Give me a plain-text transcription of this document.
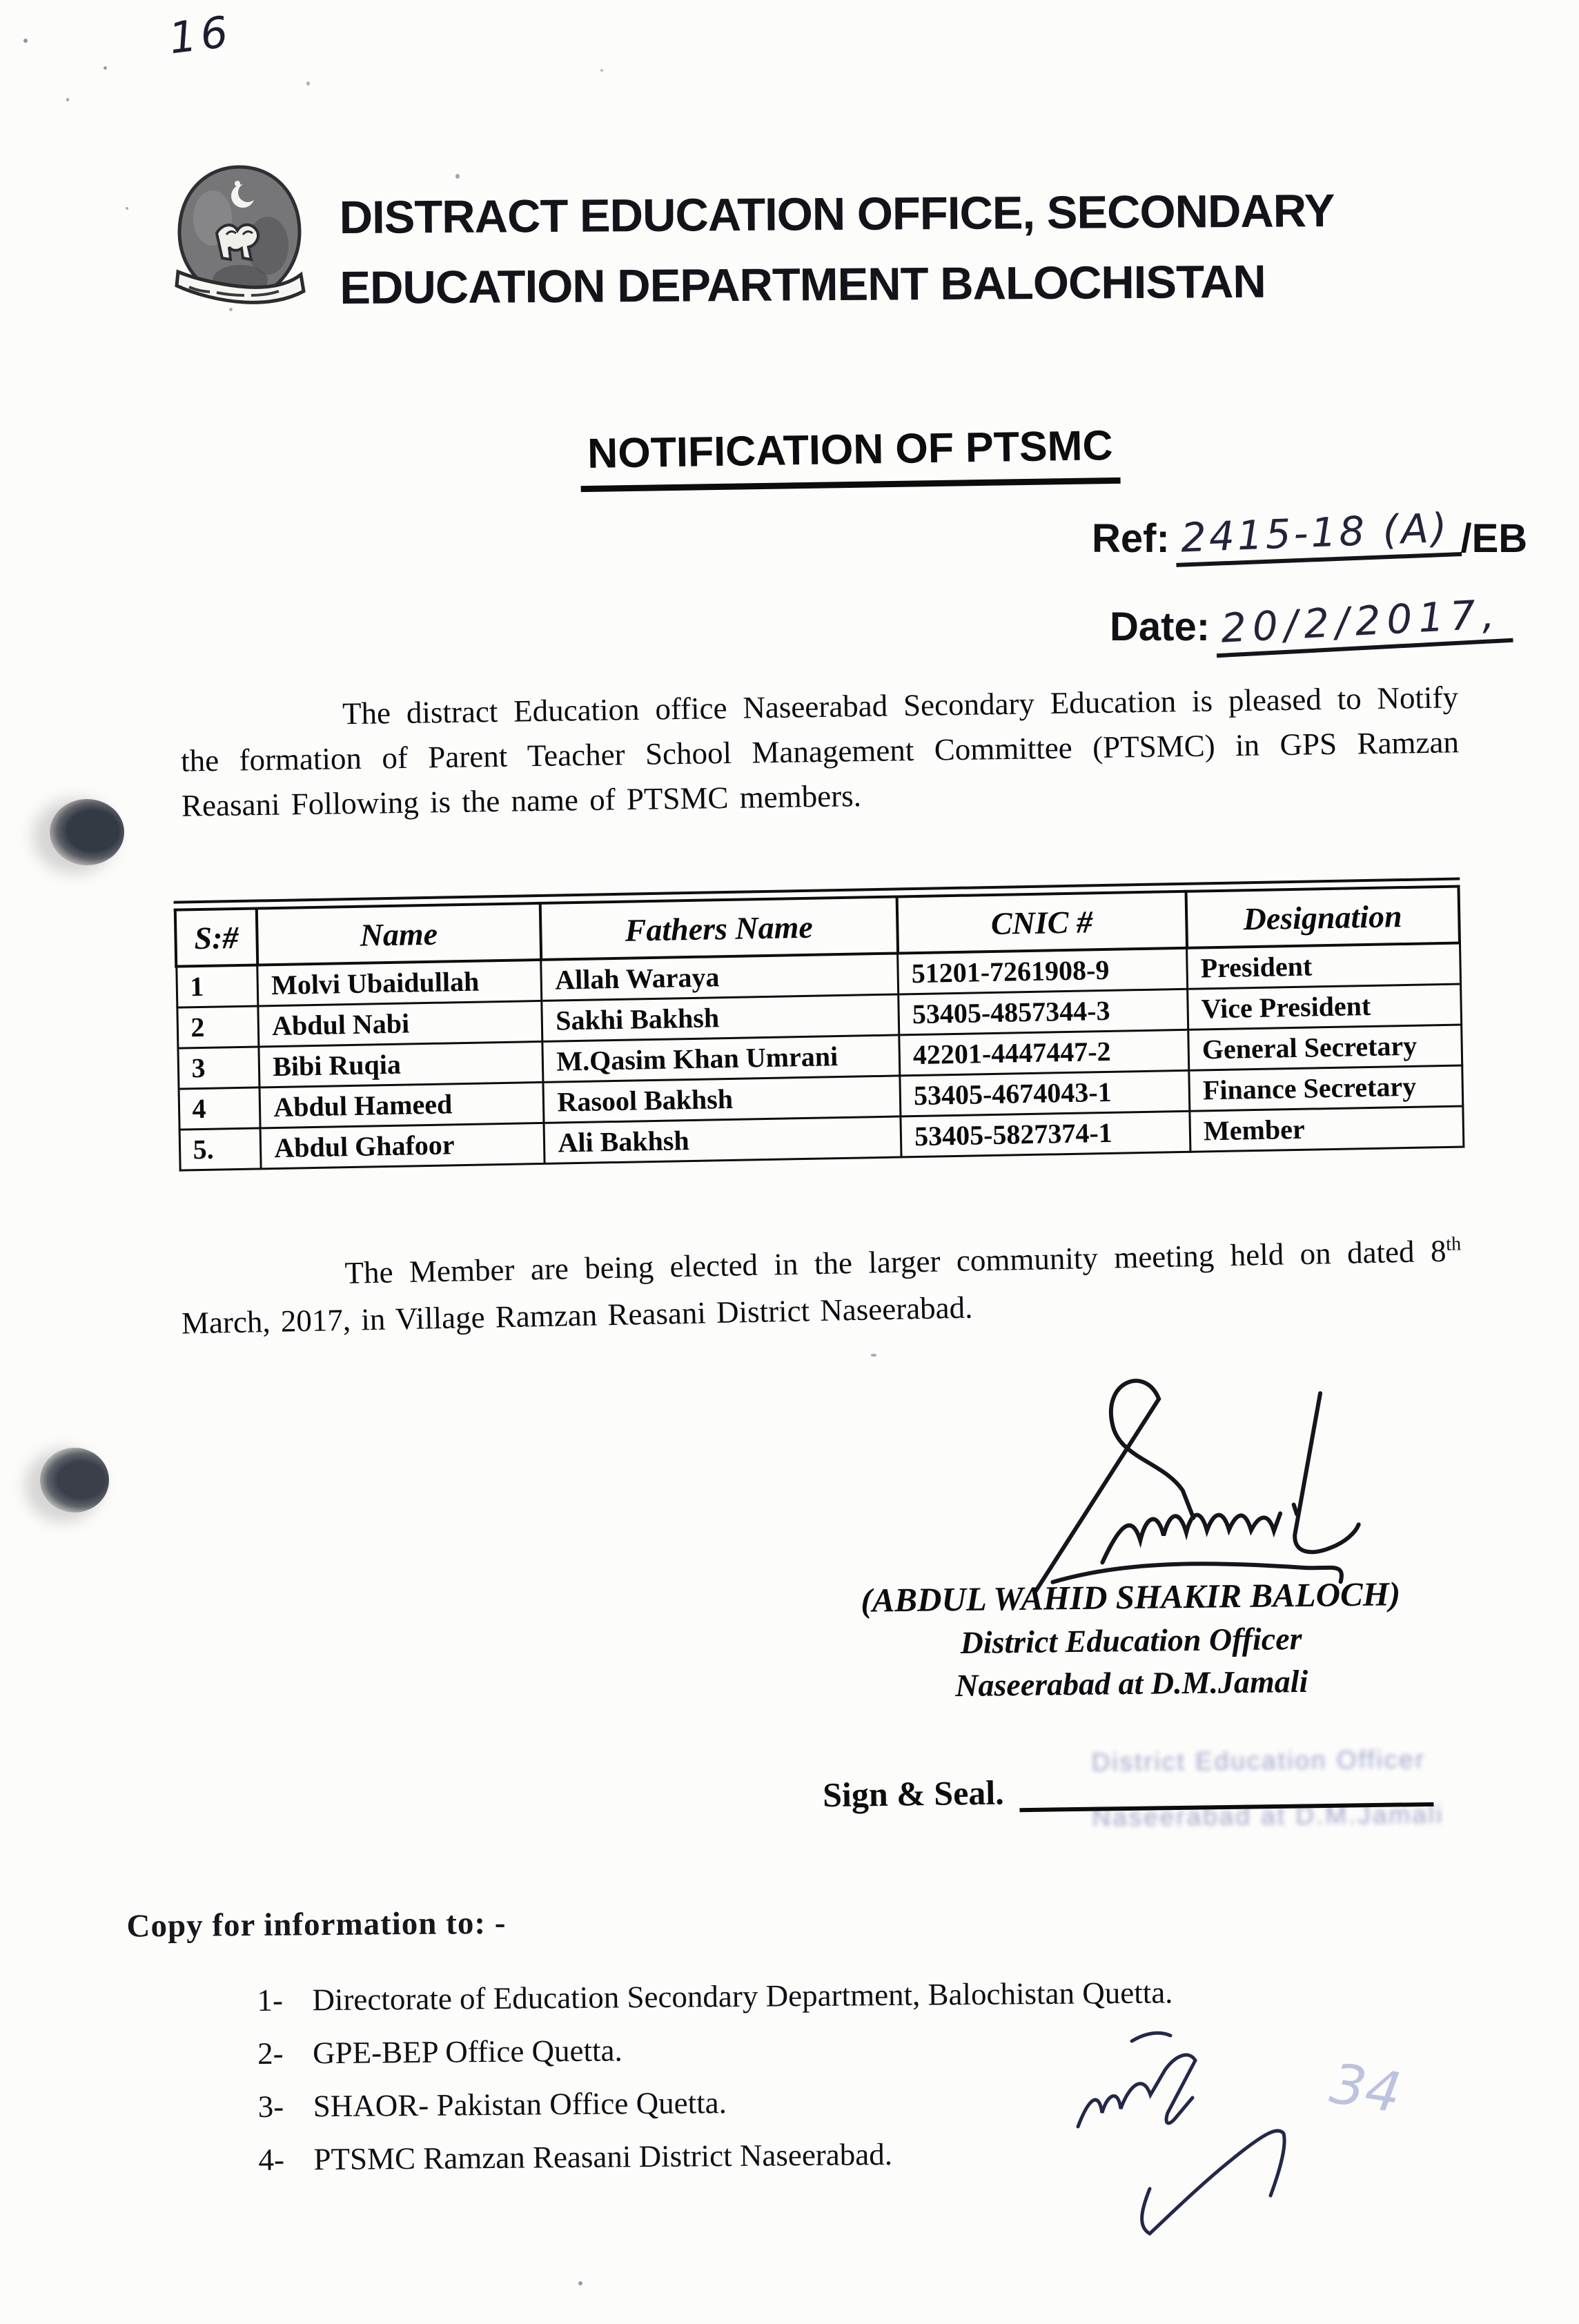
16
DISTRACT EDUCATION OFFICE, SECONDARY
EDUCATION DEPARTMENT BALOCHISTAN
NOTIFICATION OF PTSMC
Ref: 2415-18 (A) /EB
Date: 20/2/2017,

The distract Education office Naseerabad Secondary Education is pleased to Notify the formation of Parent Teacher School Management Committee (PTSMC) in GPS Ramzan Reasani Following is the name of PTSMC members.

S:#	Name	Fathers Name	CNIC #	Designation
1	Molvi Ubaidullah	Allah Waraya	51201-7261908-9	President
2	Abdul Nabi	Sakhi Bakhsh	53405-4857344-3	Vice President
3	Bibi Ruqia	M.Qasim Khan Umrani	42201-4447447-2	General Secretary
4	Abdul Hameed	Rasool Bakhsh	53405-4674043-1	Finance Secretary
5.	Abdul Ghafoor	Ali Bakhsh	53405-5827374-1	Member

The Member are being elected in the larger community meeting held on dated 8th March, 2017, in Village Ramzan Reasani District Naseerabad.

(ABDUL WAHID SHAKIR BALOCH)
District Education Officer
Naseerabad at D.M.Jamali
District Education Officer
Naseerabad at D.M.Jamali
Sign & Seal.
Copy for information to: -
1- Directorate of Education Secondary Department, Balochistan Quetta.
2- GPE-BEP Office Quetta.
3- SHAOR- Pakistan Office Quetta.
4- PTSMC Ramzan Reasani District Naseerabad.
34
